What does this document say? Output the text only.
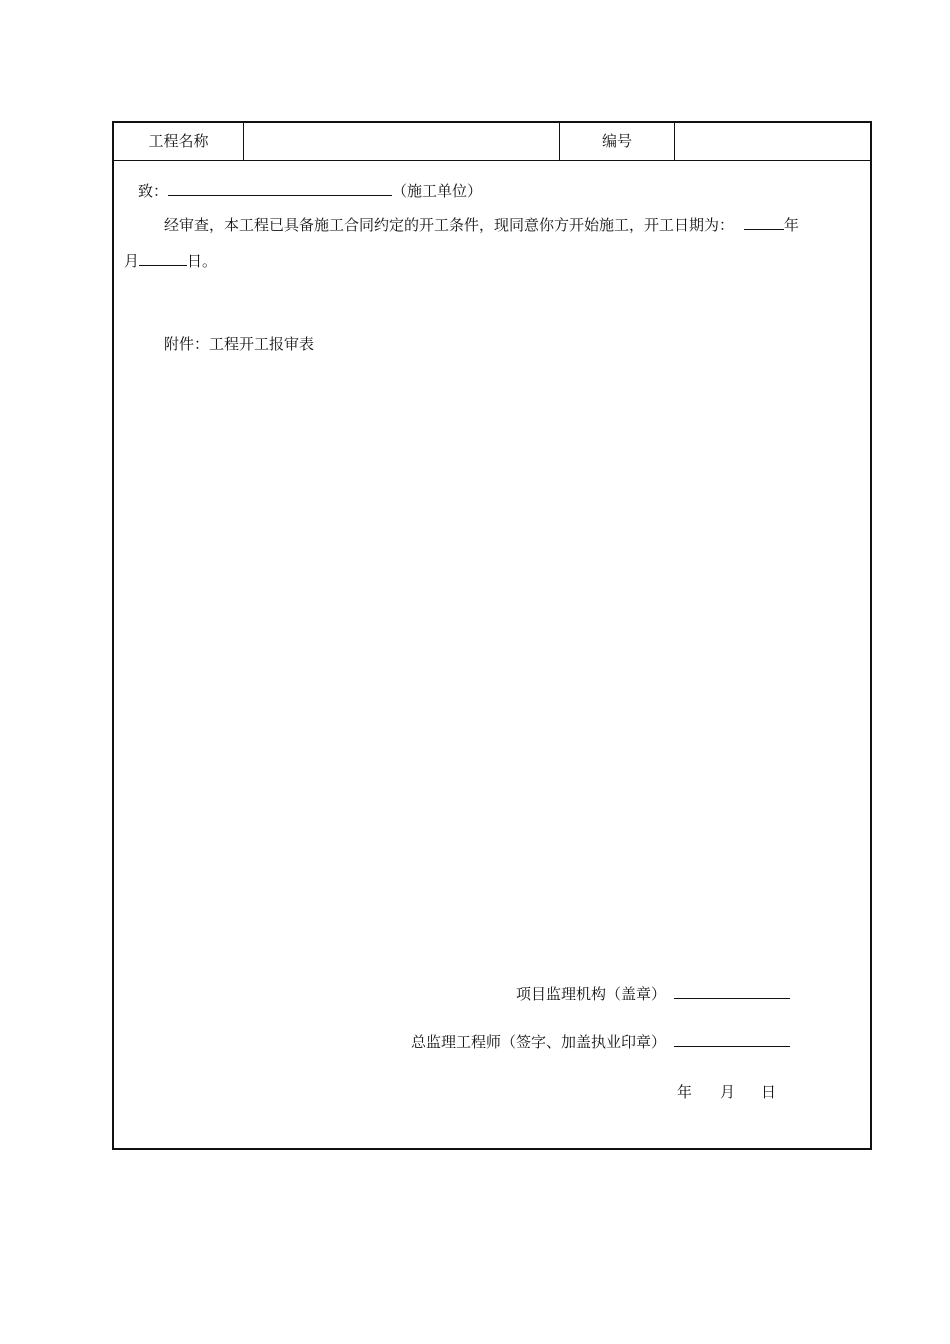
工程名称	编号
致：	（施工单位）
经审查，本工程已具备施工合同约定的开工条件，现同意你方开始施工，开工日期为：	年
月	日。
附件：工程开工报审表
项目监理机构（盖章）
总监理工程师（签字、加盖执业印章）
年 月 日
